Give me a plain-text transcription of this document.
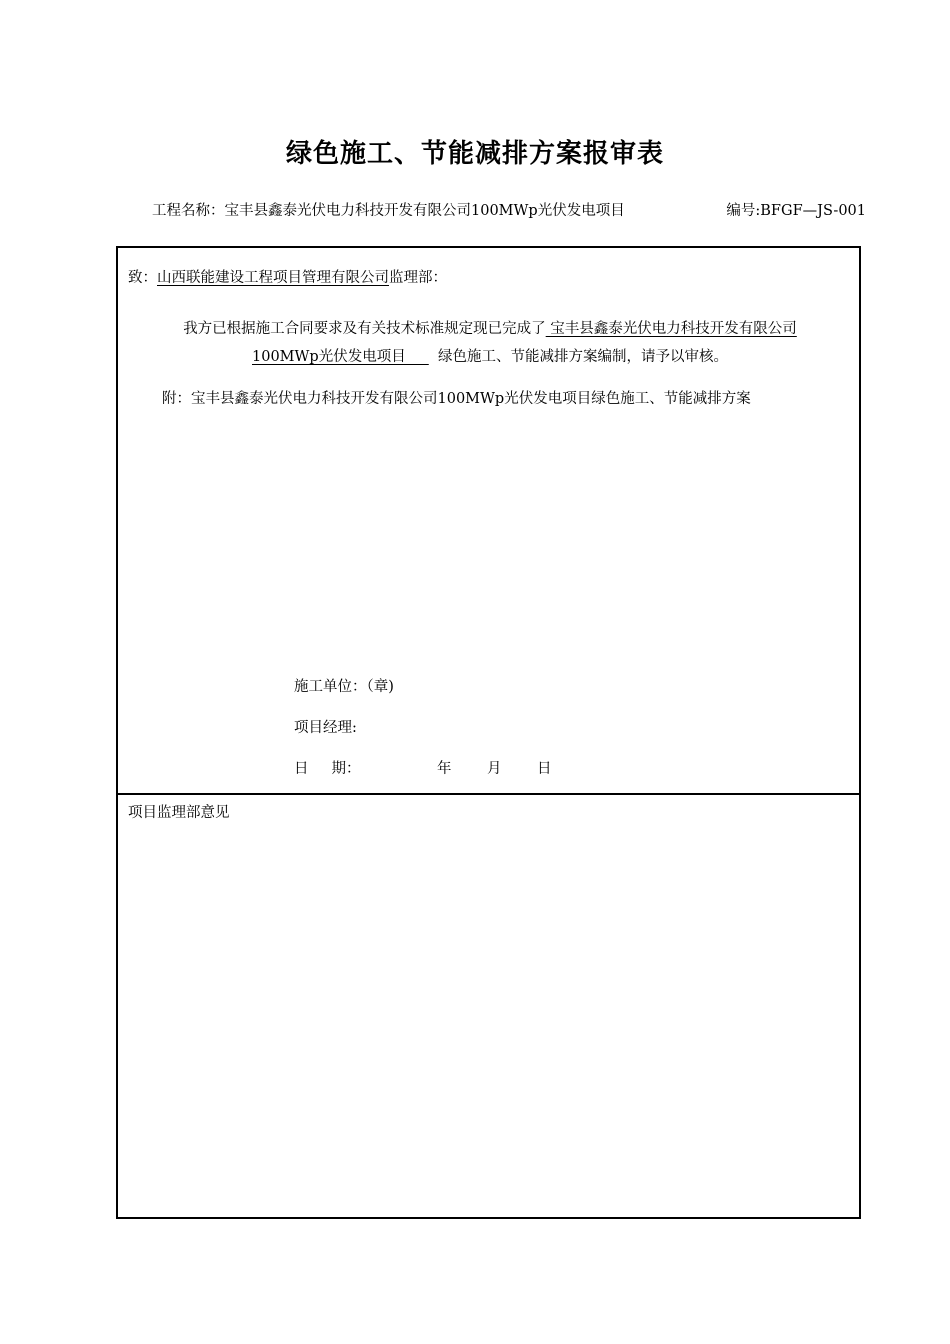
绿色施工、节能减排方案报审表
工程名称：宝丰县鑫泰光伏电力科技开发有限公司100MWp光伏发电项目	编号:BFGF—JS-001
致：山西联能建设工程项目管理有限公司监理部：
我方已根据施工合同要求及有关技术标准规定现已完成了 宝丰县鑫泰光伏电力科技开发有限公司
100MWp光伏发电项目       绿色施工、节能减排方案编制，请予以审核。
附：宝丰县鑫泰光伏电力科技开发有限公司100MWp光伏发电项目绿色施工、节能减排方案
施工单位：（章)
项目经理:
日     期：	年 月 日
项目监理部意见
